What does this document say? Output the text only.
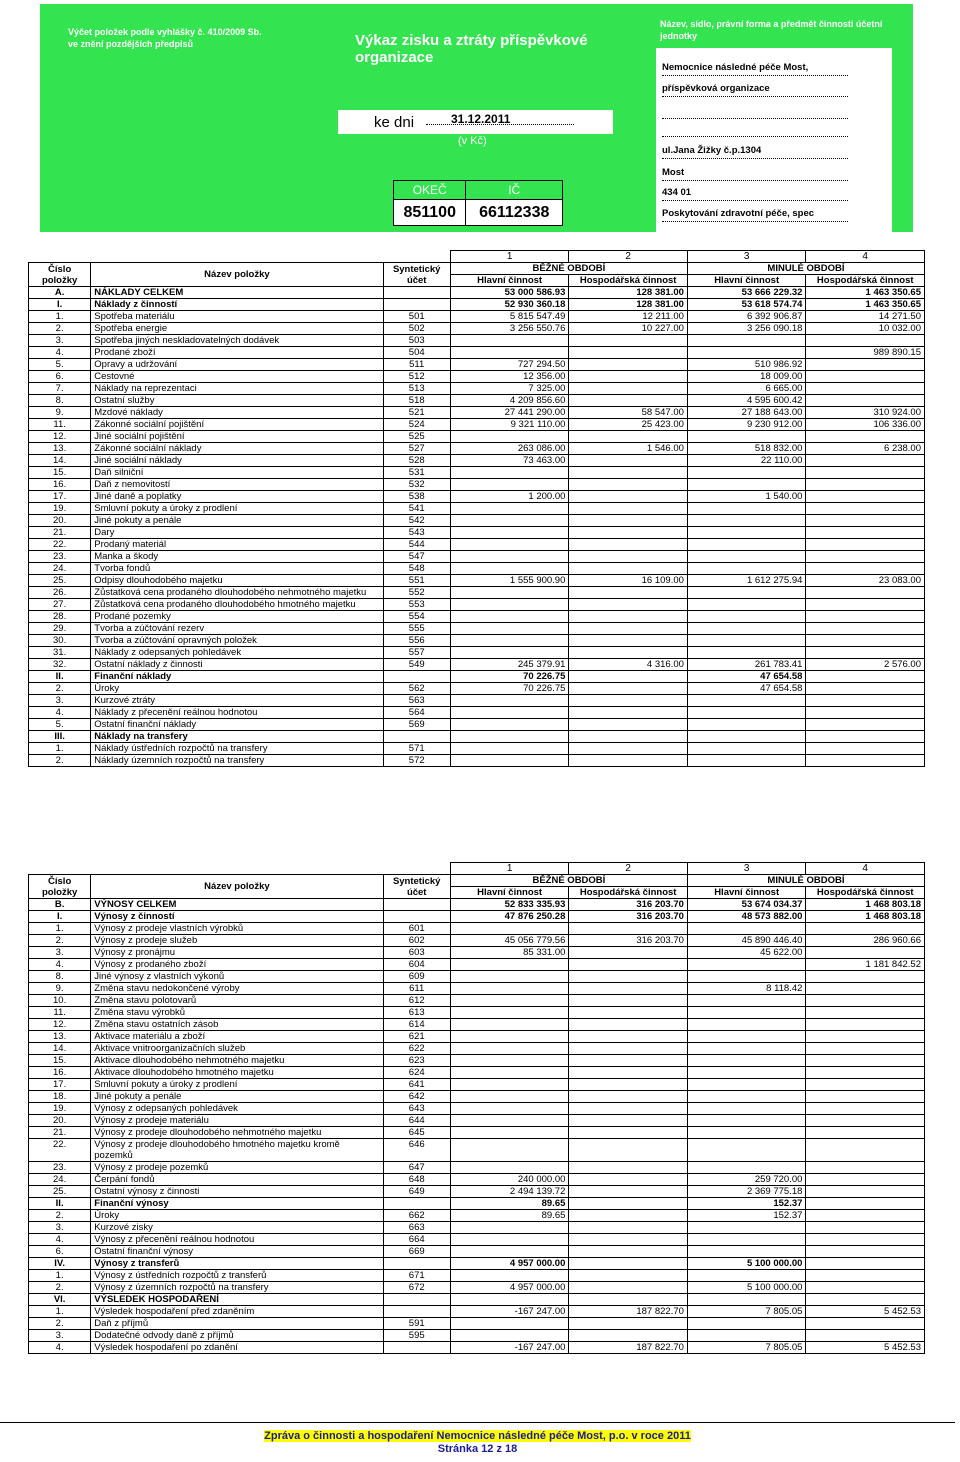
Výčet položek podle vyhlášky č. 410/2009 Sb. ve znění pozdějších předpisů	Výkaz zisku a ztráty příspěvkové organizace
ke dni	31.12.2011
(v Kč)
OKEČ	IČ
851100	66112338
Název, sídlo, právní forma a předmět činnosti účetní jednotky
Nemocnice následné péče Most,
příspěvková organizace
ul.Jana Žižky č.p.1304
Most
434 01
Poskytování zdravotní péče, spec
			1	2	3	4
Číslo položky	Název položky	Syntetický účet	BĚŽNÉ OBDOBÍ		MINULÉ OBDOBÍ	
			Hlavní činnost	Hospodářská činnost	Hlavní činnost	Hospodářská činnost
A.	NÁKLADY CELKEM		53 000 586.93	128 381.00	53 666 229.32	1 463 350.65
I.	Náklady z činností		52 930 360.18	128 381.00	53 618 574.74	1 463 350.65
1.	Spotřeba materiálu	501	5 815 547.49	12 211.00	6 392 906.87	14 271.50
2.	Spotřeba energie	502	3 256 550.76	10 227.00	3 256 090.18	10 032.00
3.	Spotřeba jiných neskladovatelných dodávek	503				
4.	Prodané zboží	504				989 890.15
5.	Opravy a udržování	511	727 294.50		510 986.92	
6.	Cestovné	512	12 356.00		18 009.00	
7.	Náklady na reprezentaci	513	7 325.00		6 665.00	
8.	Ostatní služby	518	4 209 856.60		4 595 600.42	
9.	Mzdové náklady	521	27 441 290.00	58 547.00	27 188 643.00	310 924.00
11.	Zákonné sociální pojištění	524	9 321 110.00	25 423.00	9 230 912.00	106 336.00
12.	Jiné sociální pojištění	525				
13.	Zákonné sociální náklady	527	263 086.00	1 546.00	518 832.00	6 238.00
14.	Jiné sociální náklady	528	73 463.00		22 110.00	
15.	Daň silniční	531				
16.	Daň z nemovitostí	532				
17.	Jiné daně a poplatky	538	1 200.00		1 540.00	
19.	Smluvní pokuty a úroky z prodlení	541				
20.	Jiné pokuty a penále	542				
21.	Dary	543				
22.	Prodaný materiál	544				
23.	Manka a škody	547				
24.	Tvorba fondů	548				
25.	Odpisy dlouhodobého majetku	551	1 555 900.90	16 109.00	1 612 275.94	23 083.00
26.	Zůstatková cena prodaného dlouhodobého nehmotného majetku	552				
27.	Zůstatková cena prodaného dlouhodobého hmotného majetku	553				
28.	Prodané pozemky	554				
29.	Tvorba a zúčtování rezerv	555				
30.	Tvorba a zúčtování opravných položek	556				
31.	Náklady z odepsaných pohledávek	557				
32.	Ostatní náklady z činnosti	549	245 379.91	4 316.00	261 783.41	2 576.00
II.	Finanční náklady		70 226.75		47 654.58	
2.	Úroky	562	70 226.75		47 654.58	
3.	Kurzové ztráty	563				
4.	Náklady z přecenění reálnou hodnotou	564				
5.	Ostatní finanční náklady	569				
III.	Náklady na transfery					
1.	Náklady ústředních rozpočtů na transfery	571				
2.	Náklady územních rozpočtů na transfery	572				
			1	2	3	4
Číslo položky	Název položky	Syntetický účet	BĚŽNÉ OBDOBÍ		MINULÉ OBDOBÍ	
			Hlavní činnost	Hospodářská činnost	Hlavní činnost	Hospodářská činnost
B.	VÝNOSY CELKEM		52 833 335.93	316 203.70	53 674 034.37	1 468 803.18
I.	Výnosy z činností		47 876 250.28	316 203.70	48 573 882.00	1 468 803.18
1.	Výnosy z prodeje vlastních výrobků	601				
2.	Výnosy z prodeje služeb	602	45 056 779.56	316 203.70	45 890 446.40	286 960.66
3.	Výnosy z pronájmu	603	85 331.00		45 622.00	
4.	Výnosy z prodaného zboží	604				1 181 842.52
8.	Jiné výnosy z vlastních výkonů	609				
9.	Změna stavu nedokončené výroby	611			8 118.42	
10.	Změna stavu polotovarů	612				
11.	Změna stavu výrobků	613				
12.	Změna stavu ostatních zásob	614				
13.	Aktivace materiálu a zboží	621				
14.	Aktivace vnitroorganizačních služeb	622				
15.	Aktivace dlouhodobého nehmotného majetku	623				
16.	Aktivace dlouhodobého hmotného majetku	624				
17.	Smluvní pokuty a úroky z prodlení	641				
18.	Jiné pokuty a penále	642				
19.	Výnosy z odepsaných pohledávek	643				
20.	Výnosy z prodeje materiálu	644				
21.	Výnosy z prodeje dlouhodobého nehmotného majetku	645				
22.	Výnosy z prodeje dlouhodobého hmotného majetku kromě pozemků	646				
23.	Výnosy z prodeje pozemků	647				
24.	Čerpání fondů	648	240 000.00		259 720.00	
25.	Ostatní výnosy z činnosti	649	2 494 139.72		2 369 775.18	
II.	Finanční výnosy		89.65		152.37	
2.	Úroky	662	89.65		152.37	
3.	Kurzové zisky	663				
4.	Výnosy z přecenění reálnou hodnotou	664				
6.	Ostatní finanční výnosy	669				
IV.	Výnosy z transferů		4 957 000.00		5 100 000.00	
1.	Výnosy z ústředních rozpočtů z transferů	671				
2.	Výnosy z územních rozpočtů na transfery	672	4 957 000.00		5 100 000.00	
VI.	VÝSLEDEK HOSPODAŘENÍ					
1.	Výsledek hospodaření před zdaněním		-167 247.00	187 822.70	7 805.05	5 452.53
2.	Daň z příjmů	591				
3.	Dodatečné odvody daně z příjmů	595				
4.	Výsledek hospodaření po zdanění		-167 247.00	187 822.70	7 805.05	5 452.53
Zpráva o činnosti a hospodaření Nemocnice následné péče Most, p.o. v roce 2011
Stránka 12 z 18
